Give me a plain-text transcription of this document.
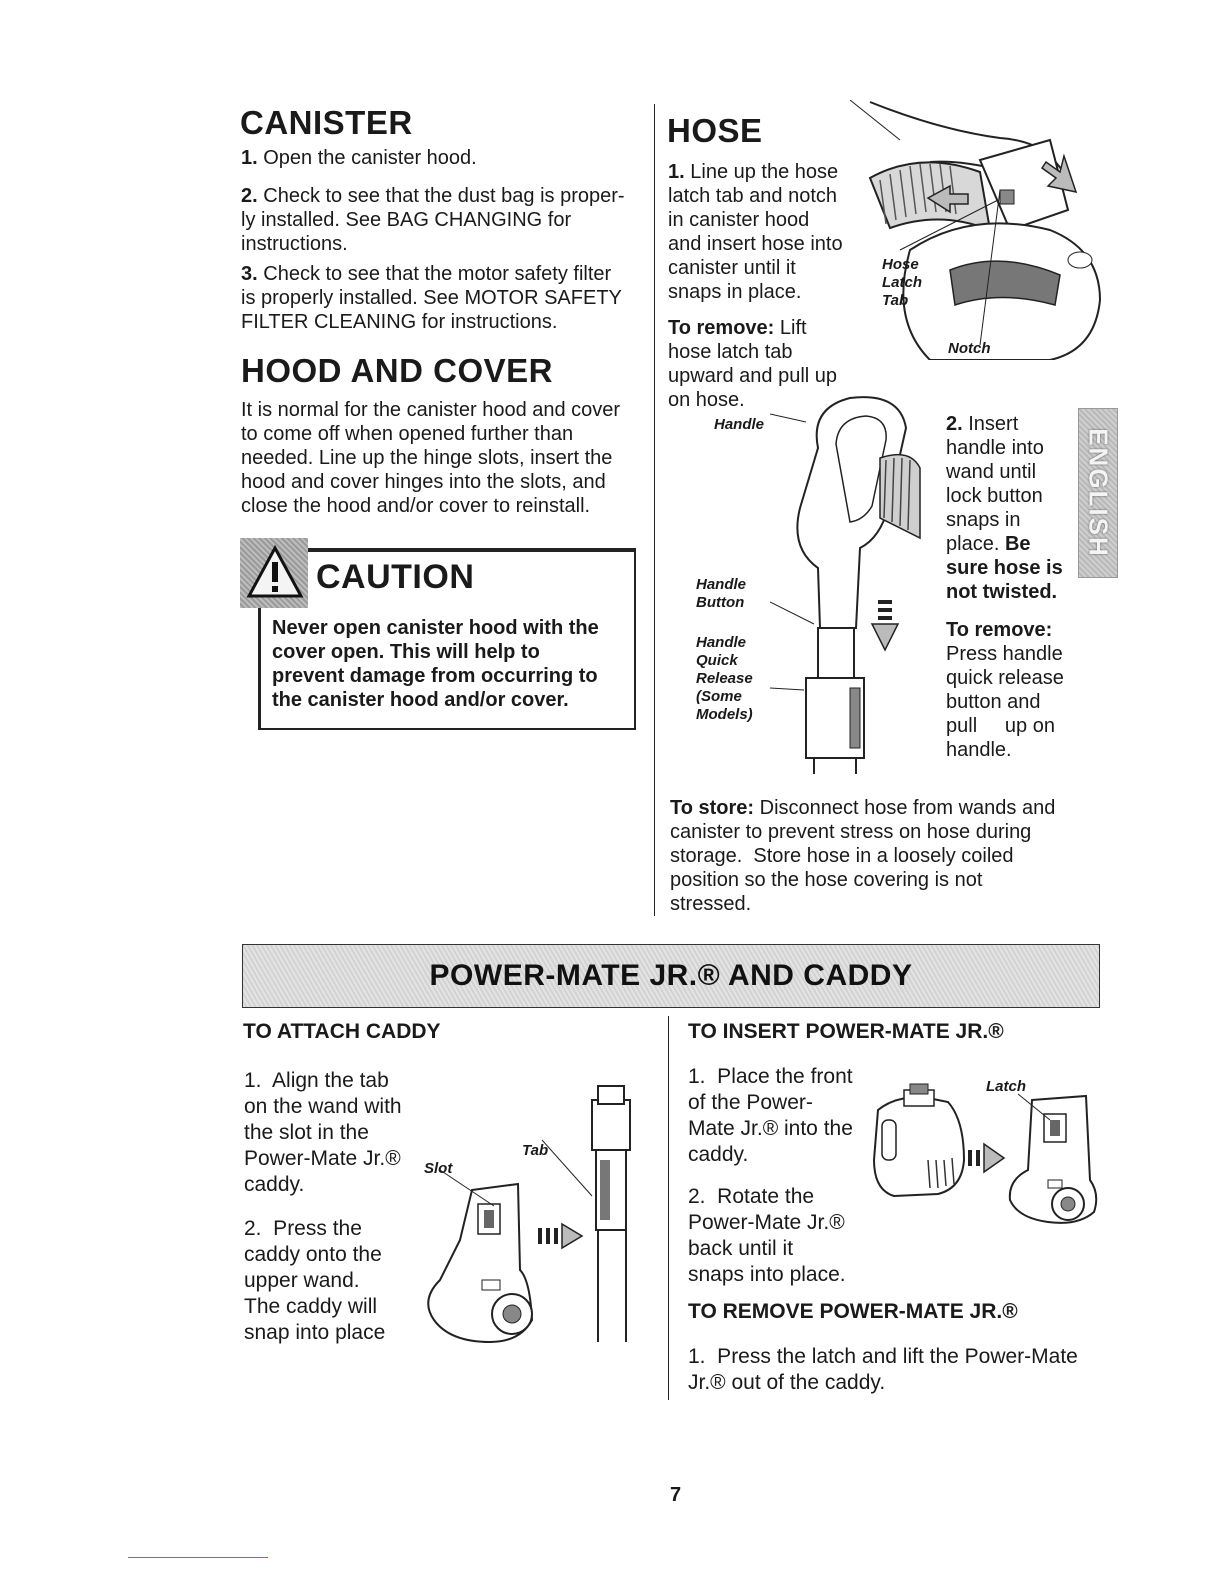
CANISTER
1. Open the canister hood.
2. Check to see that the dust bag is proper-
ly installed. See BAG CHANGING for
instructions.
3. Check to see that the motor safety filter
is properly installed. See MOTOR SAFETY
FILTER CLEANING for instructions.
HOOD AND COVER
It is normal for the canister hood and cover
to come off when opened further than
needed. Line up the hinge slots, insert the
hood and cover hinges into the slots, and
close the hood and/or cover to reinstall.
CAUTION
Never open canister hood with the
cover open. This will help to
prevent damage from occurring to
the canister hood and/or cover.
HOSE
1. Line up the hose
latch tab and notch
in canister hood
and insert hose into
canister until it
snaps in place.
To remove: Lift
hose latch tab
upward and pull up
on hose.
Hose
Latch
Tab
Notch
Handle
Handle
Button
Handle
Quick
Release
(Some
Models)
2. Insert
handle into
wand until
lock button
snaps in
place. Be
sure hose is
not twisted.
To remove:
Press handle
quick release
button and
pull     up on
handle.
ENGLISH
To store: Disconnect hose from wands and
canister to prevent stress on hose during
storage.  Store hose in a loosely coiled
position so the hose covering is not
stressed.
POWER-MATE JR.® AND CADDY
TO ATTACH CADDY
1.  Align the tab
on the wand with
the slot in the
Power-Mate Jr.®
caddy.
2.  Press the
caddy onto the
upper wand.
The caddy will
snap into place
Slot
Tab
TO INSERT POWER-MATE JR.®
1.  Place the front
of the Power-
Mate Jr.® into the
caddy.
2.  Rotate the
Power-Mate Jr.®
back until it
snaps into place.
Latch
TO REMOVE POWER-MATE JR.®
1.  Press the latch and lift the Power-Mate
Jr.® out of the caddy.
7
